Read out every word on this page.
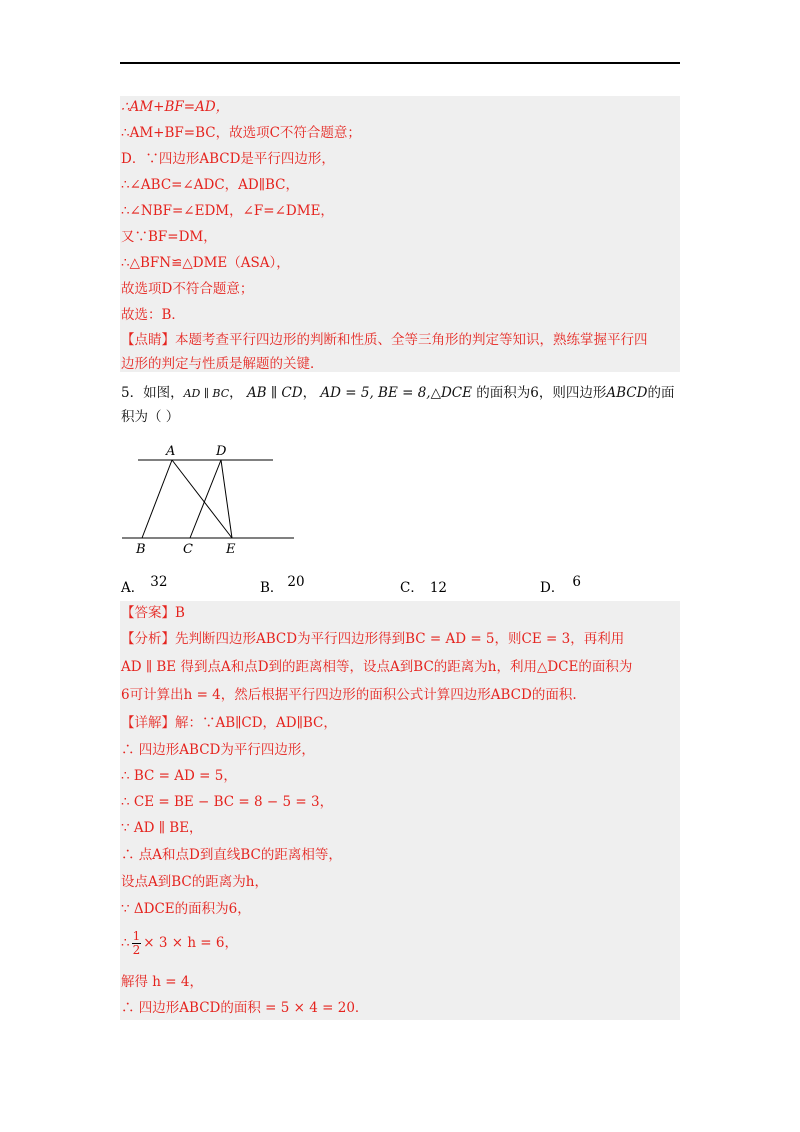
∴AM+BF=AD，
∴AM+BF=BC，故选项C不符合题意；
D．∵四边形ABCD是平行四边形，
∴∠ABC=∠ADC，AD∥BC，
∴∠NBF=∠EDM，∠F=∠DME，
又∵BF=DM，
∴△BFN≌△DME（ASA），
故选项D不符合题意；
故选：B．
【点睛】本题考查平行四边形的判断和性质、全等三角形的判定等知识，熟练掌握平行四
边形的判定与性质是解题的关键．
5．如图，AD ∥ BC， AB ∥ CD， AD = 5, BE = 8,△DCE 的面积为6，则四边形ABCD的面
积为（ ）
A	D
B	C	E
A． 32	B． 20	C． 12	D． 6
【答案】B
【分析】先判断四边形ABCD为平行四边形得到BC = AD = 5，则CE = 3，再利用
AD ∥ BE 得到点A和点D到的距离相等，设点A到BC的距离为h，利用△DCE的面积为
6可计算出h = 4，然后根据平行四边形的面积公式计算四边形ABCD的面积.
【详解】解：∵AB∥CD，AD∥BC，
∴ 四边形ABCD为平行四边形，
∴ BC = AD = 5，
∴ CE = BE − BC = 8 − 5 = 3，
∵ AD ∥ BE，
∴ 点A和点D到直线BC的距离相等，
设点A到BC的距离为h，
∵ ΔDCE的面积为6，
∴ $\frac{1}{2} \times 3 \times h = 6$，
解得 h = 4，
∴ 四边形ABCD的面积 = 5 × 4 = 20．
